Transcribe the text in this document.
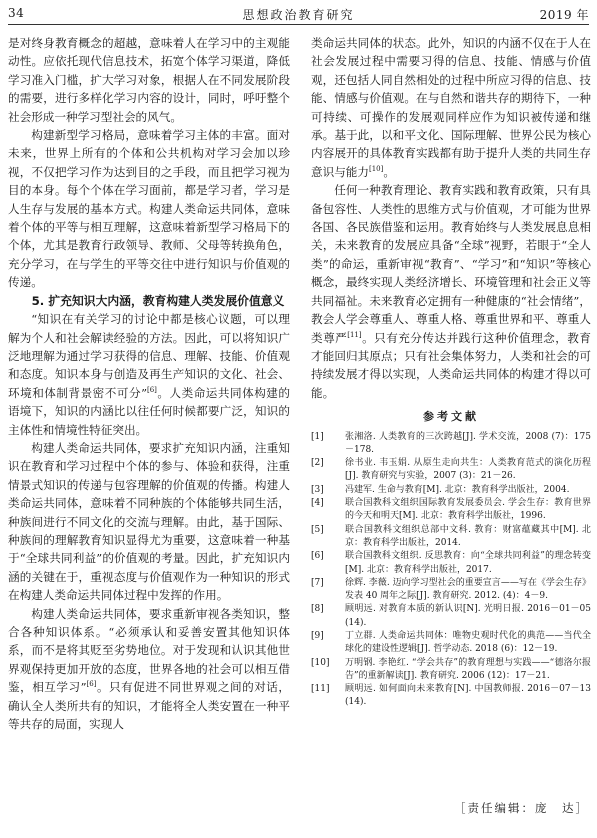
34	思想政治教育研究	2019 年

是对终身教育概念的超越，意味着人在学习中的主观能动性。应依托现代信息技术，拓宽个体学习渠道，降低学习准入门槛，扩大学习对象，根据人在不同发展阶段的需要，进行多样化学习内容的设计，同时，呼吁整个社会形成一种学习型社会的风气。

构建新型学习格局，意味着学习主体的丰富。面对未来，世界上所有的个体和公共机构对学习会加以珍视，不仅把学习作为达到目的之手段，而且把学习视为目的本身。每个个体在学习面前，都是学习者，学习是人生存与发展的基本方式。构建人类命运共同体，意味着个体的平等与相互理解，这意味着新型学习格局下的个体，尤其是教育行政领导、教师、父母等转换角色，充分学习，在与学生的平等交往中进行知识与价值观的传递。

5. 扩充知识大内涵，教育构建人类发展价值意义

“知识在有关学习的讨论中都是核心议题，可以理解为个人和社会解读经验的方法。因此，可以将知识广泛地理解为通过学习获得的信息、理解、技能、价值观和态度。知识本身与创造及再生产知识的文化、社会、环境和体制背景密不可分”[6]。人类命运共同体构建的语境下，知识的内涵比以往任何时候都要广泛，知识的主体性和情境性特征突出。

构建人类命运共同体，要求扩充知识内涵，注重知识在教育和学习过程中个体的参与、体验和获得，注重情景式知识的传递与包容理解的价值观的传播。构建人类命运共同体，意味着不同种族的个体能够共同生活，种族间进行不同文化的交流与理解。由此，基于国际、种族间的理解教育知识显得尤为重要，这意味着一种基于“全球共同利益”的价值观的考量。因此，扩充知识内涵的关键在于，重视态度与价值观作为一种知识的形式在构建人类命运共同体过程中发挥的作用。

构建人类命运共同体，要求重新审视各类知识，整合各种知识体系。“必须承认和妥善安置其他知识体系，而不是将其贬至劣势地位。对于发现和认识其他世界观保持更加开放的态度，世界各地的社会可以相互借鉴，相互学习”[6]。只有促进不同世界观之间的对话，确认全人类所共有的知识，才能将全人类安置在一种平等共存的局面，实现人

类命运共同体的状态。此外，知识的内涵不仅在于人在社会发展过程中需要习得的信息、技能、情感与价值观，还包括人同自然相处的过程中所应习得的信息、技能、情感与价值观。在与自然和谐共存的期待下，一种可持续、可操作的发展观同样应作为知识被传递和继承。基于此，以和平文化、国际理解、世界公民为核心内容展开的具体教育实践都有助于提升人类的共同生存意识与能力[10]。

任何一种教育理论、教育实践和教育政策，只有具备包容性、人类性的思维方式与价值观，才可能为世界各国、各民族借鉴和运用。教育始终与人类发展息息相关，未来教育的发展应具备“全球”视野，若眼于“全人类”的命运，重新审视“教育”、“学习”和“知识”等核心概念，最终实现人类经济增长、环境管理和社会正义等共同福祉。未来教育必定拥有一种健康的“社会情绪”，教会人学会尊重人、尊重人格、尊重世界和平、尊重人类尊严[11]。只有充分传达并践行这种价值理念，教育才能回归其原点；只有社会集体努力，人类和社会的可持续发展才得以实现，人类命运共同体的构建才得以可能。

参考文献
[1]	张湘洛. 人类教育的三次跨越[J]. 学术交流，2008 (7)：175－178.
[2]	徐书业. 韦玉娟. 从原生走向共生：人类教育范式的演化历程[J]. 教育研究与实验，2007 (3)：21－26.
[3]	冯建军. 生命与教育[M]. 北京：教育科学出版社，2004.
[4]	联合国教科文组织国际教育发展委员会. 学会生存：教育世界的今天和明天[M]. 北京：教育科学出版社，1996.
[5]	联合国教科文组织总部中文科. 教育：财富蕴藏其中[M]. 北京：教育科学出版社，2014.
[6]	联合国教科文组织. 反思教育：向“全球共同利益”的理念转变[M]. 北京：教育科学出版社，2017.
[7]	徐辉. 李薇. 迈向学习型社会的重要宣言——写在《学会生存》发表 40 周年之际[J]. 教育研究. 2012. (4)：4－9.
[8]	顾明远. 对教育本质的新认识[N]. 光明日报. 2016－01－05 (14).
[9]	丁立群. 人类命运共同体：唯物史观时代化的典范——当代全球化的建设性逻辑[J]. 哲学动态. 2018 (6)：12－19.
[10]	万明钢. 李艳红. “学会共存”的教育理想与实践——“德洛尔报告”的重新解读[J]. 教育研究. 2006 (12)：17－21.
[11]	顾明远. 如何面向未来教育[N]. 中国教师报. 2016－07－13 (14).
［责任编辑：庞　达］
